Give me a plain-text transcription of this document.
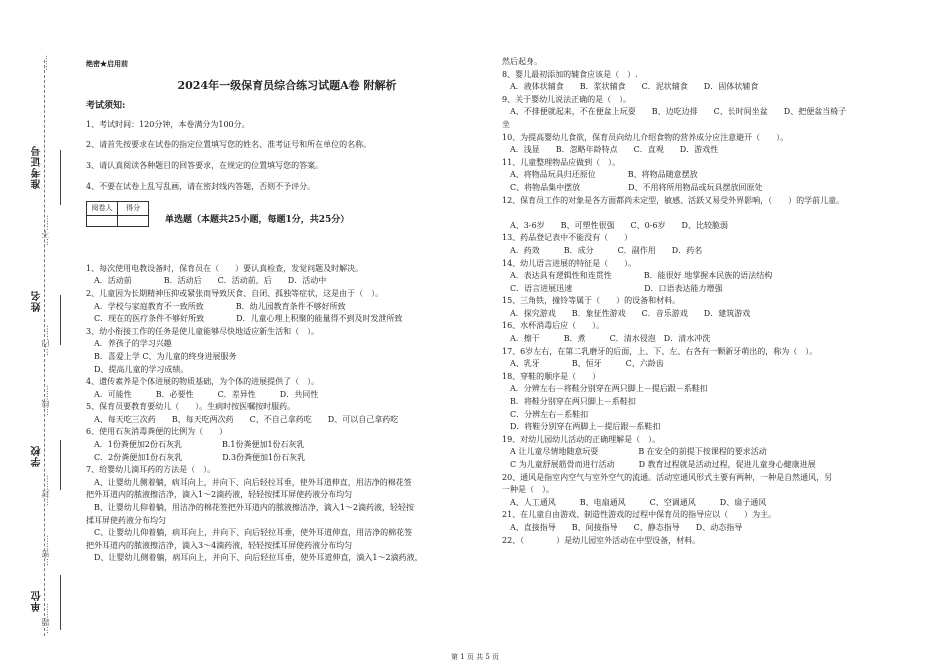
准考证号
姓名
学校
单位
......
...不......
...内......
...线......
...封......
...密......
...题......
绝密★启用前
2024年一级保育员综合练习试题A卷 附解析
考试须知:
1、考试时间：120分钟，本卷满分为100分。
2、请首先按要求在试卷的指定位置填写您的姓名、准考证号和所在单位的名称。
3、请认真阅读各种题目的回答要求，在规定的位置填写您的答案。
4、不要在试卷上乱写乱画，请在密封线内答题，否则不予评分。
阅卷人	得分

单选题（本题共25小题，每题1分，共25分）
1、每次使用电教设备时，保育员在（　　）要认真检查，发觉问题及时解决。
A．活动前　　　　B．活动后　　C．活动前，后　　D．活动中
2、儿童因为长期精神压抑或紧张而导致厌食、自闭、孤独等症状，这是由于（　）。
A．学校与家庭教育不一致所致　　　　B．幼儿园教育条件不够好所致
C．现在的医疗条件不够好所致　　　　D．儿童心理上积聚的能量得不到及时发泄所致
3、幼小衔接工作的任务是使儿童能够尽快地适应新生活和（　）。
A．养孩子的学习兴趣
B．喜爱上学 C、为儿童的终身进展服务
D、提高儿童的学习成绩。
4、遗传素养是个体进展的物质基础，为个体的进展提供了（　）。
A．可能性　　　B．必要性　　　C．差异性　　　D．共同性
5、保育员要教育要幼儿（　　）。生病时按医嘱按时服药。
A、每天吃三次药　　B、每天吃两次药　　C、不自己拿药吃　　D、可以自己拿药吃
6、使用石灰消毒粪便的比例为（　　）
A．1份粪便加2份石灰乳　　　　　B.1份粪便加1份石灰乳
C．2份粪便加1份石灰乳　　　　　D.3份粪便加1份石灰乳
7、给婴幼儿滴耳药的方法是（　）。
A、让婴幼儿侧着躺，病耳向上，并向下、向后轻拉耳垂，使外耳道伸直，用洁净的棉花签
把外耳道内的脓液擦洁净，滴入1～2滴药液，轻轻按揉耳屏使药液分布均匀
B、让婴幼儿仰着躺，用洁净的棉花签把外耳道内的脓液擦洁净，滴入1～2滴药液，轻轻按
揉耳屏使药液分布均匀
C、让婴幼儿仰着躺，病耳向上，并向下、向后轻拉耳垂，使外耳道伸直，用洁净的棉花签
把外耳道内的脓液擦洁净，滴入3～4滴药液，轻轻按揉耳屏使药液分布均匀
D、让婴幼儿侧着躺，病耳向上，并向下、向后轻拉耳垂，使外耳道伸直，滴入1～2滴药液，
然后起身。
8、婴儿最初添加的辅食应该是（　）.
A．液体状辅食　　B．浆状辅食　　C．泥状辅食　　D．固体状辅食
9、关于婴幼儿说法正确的是（　）。
A、不排便就起来，不在便盆上玩耍　　B、边吃边排　　C、长时间坐盆　　D、把便盆当椅子
坐
10、为提高婴幼儿食欲，保育员向幼儿介绍食物的营养成分应注意避开（　　）。
A．浅显　　B．忽略年龄特点　　C．直观　　D．游戏性
11、儿童整理物品应做到（　）。
A、将物品玩具归还原位　　　　B、将物品随意摆放
C、将物品集中摆放　　　　　　D、不用将所用物品或玩具摆放回原处
12、保育员工作的对象是各方面都尚未定型，敏感、活跃又易受外界影响，（　　）的学前儿童。

A、3-6岁　　B、可塑性很强　　C、0-6岁　　D、比较脆弱
13、药品登记表中不能没有（　　）
A．药效　　　B．成分　　　C．副作用　　D．药名
14、幼儿语言进展的特征是（　　）。
A．表达具有逻辑性和连贯性　　　　B．能很好 地掌握本民族的语法结构
C．语言进展迅速　　　　　　　　　D．口语表达能力增强
15、三角铁，撞铃等属于（　　）的设备和材料。
A．探究游戏　　B．象征性游戏　　C．音乐游戏　　D．建筑游戏
16、水杯消毒后应（　　）。
A．擦干　　　B．煮　　　C．清水侵泡　D．清水冲洗
17、6岁左右，在第二乳磨牙的后面，上、下、左、右各有一颗新牙萌出的，称为（　）。
A、乳牙　　　　B、恒牙　　　C、六龄齿
18、穿鞋的顺序是（　　）
A．分辨左右－将鞋分别穿在两只脚上－提后跟－系鞋扣
B．将鞋分别穿在两只脚上－系鞋扣
C．分辨左右－系鞋扣
D．将鞋分别穿在两脚上－提后跟－系鞋扣
19、对幼儿园幼儿活动的正确理解是（　）。
A 让儿童尽情地随意玩耍　　　　　B 在安全的前提下按课程的要求活动
C 为儿童舒展筋骨而进行活动　　　D 教育过程就是活动过程，促进儿童身心健康进展
20、通风是指室内空气与室外空气的流通。活动室通风形式主要有两种，一种是自然通风，另
一种是（　）。
A、人工通风　　　B、电扇通风　　　C、空调通风　　　D、扇子通风
21、在儿童自由游戏、制造性游戏的过程中保育员的指导应以（　　）为主。
A、直接指导　　B、间接指导　　C、静态指导　　D、动态指导
22、（　　　　）是幼儿园室外活动在中型设备，材料。
第 1 页 共 5 页
